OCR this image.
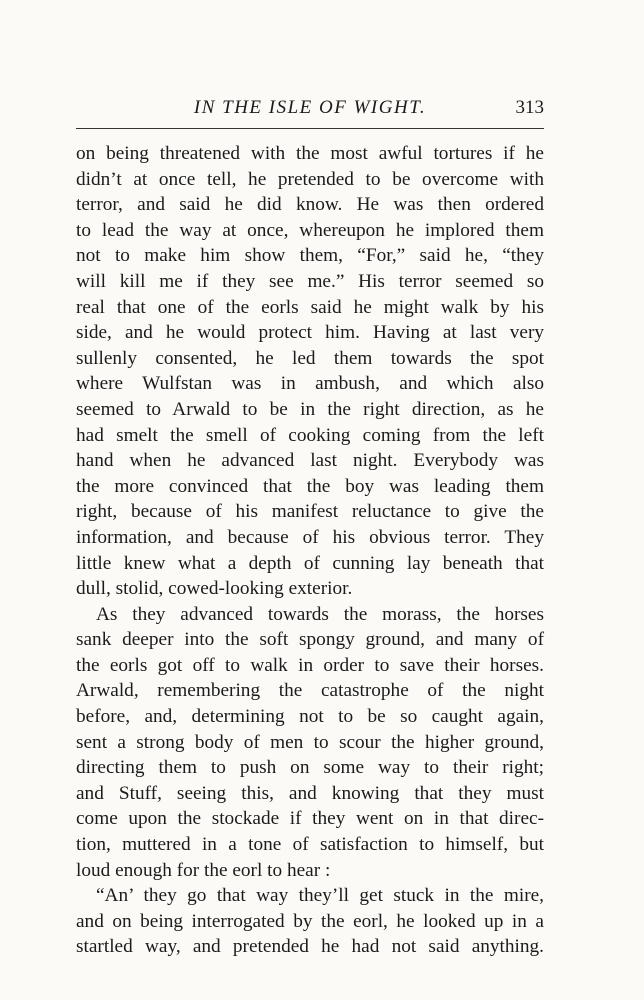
IN THE ISLE OF WIGHT.	313

on being threatened with the most awful tortures if he
didn’t at once tell, he pretended to be overcome with
terror, and said he did know. He was then ordered
to lead the way at once, whereupon he implored them
not to make him show them, “For,” said he, “they
will kill me if they see me.” His terror seemed so
real that one of the eorls said he might walk by his
side, and he would protect him. Having at last very
sullenly consented, he led them towards the spot
where Wulfstan was in ambush, and which also
seemed to Arwald to be in the right direction, as he
had smelt the smell of cooking coming from the left
hand when he advanced last night. Everybody was
the more convinced that the boy was leading them
right, because of his manifest reluctance to give the
information, and because of his obvious terror. They
little knew what a depth of cunning lay beneath that
dull, stolid, cowed-looking exterior.

As they advanced towards the morass, the horses
sank deeper into the soft spongy ground, and many of
the eorls got off to walk in order to save their horses.
Arwald, remembering the catastrophe of the night
before, and, determining not to be so caught again,
sent a strong body of men to scour the higher ground,
directing them to push on some way to their right;
and Stuff, seeing this, and knowing that they must
come upon the stockade if they went on in that direc-
tion, muttered in a tone of satisfaction to himself, but
loud enough for the eorl to hear :

“An’ they go that way they’ll get stuck in the mire,
and on being interrogated by the eorl, he looked up in a
startled way, and pretended he had not said anything.
